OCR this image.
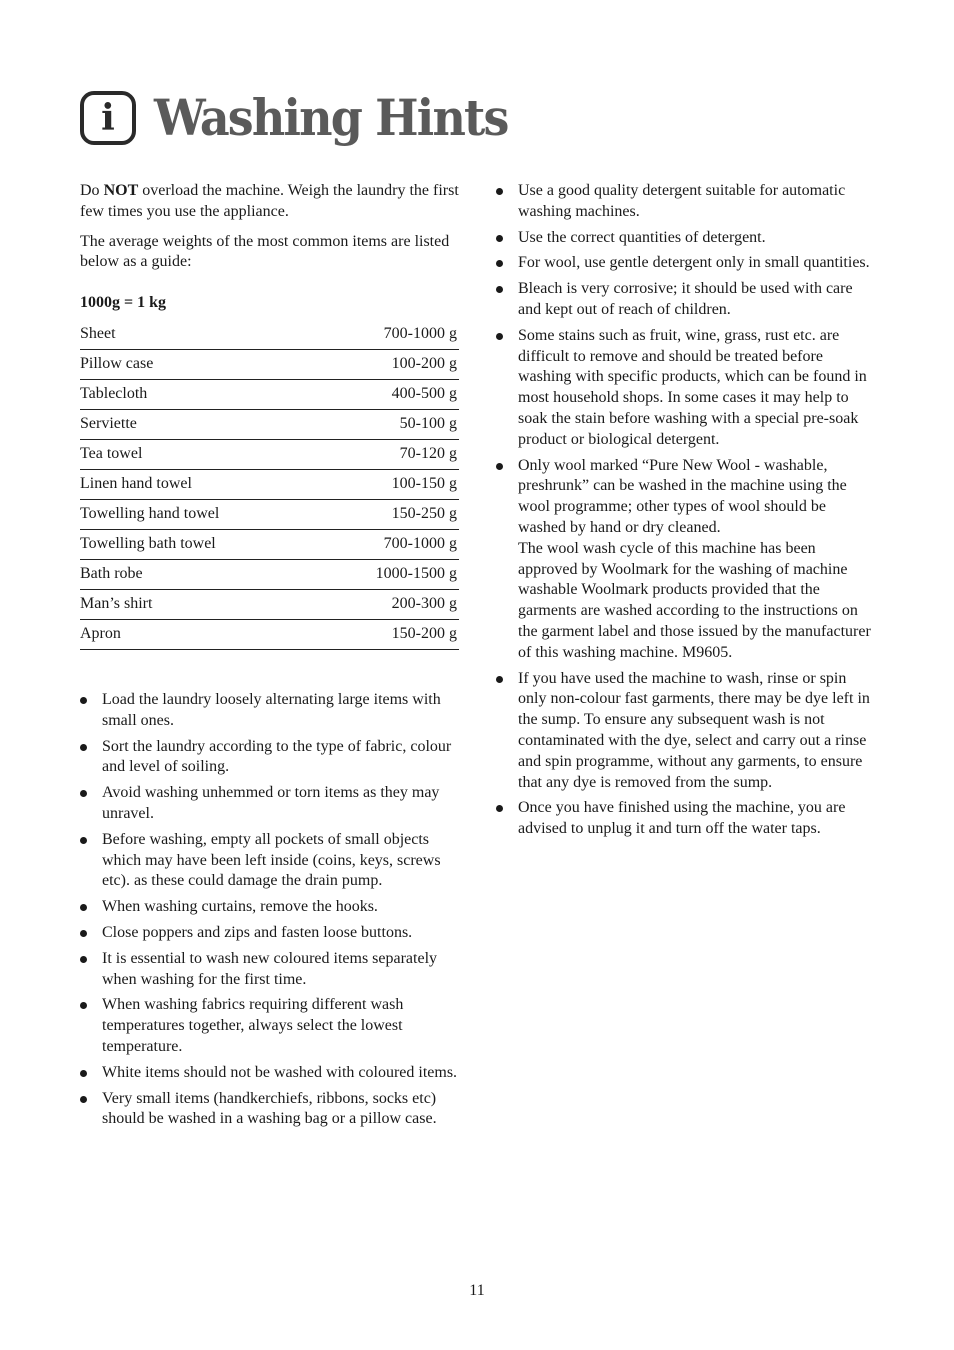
i Washing Hints

Do NOT overload the machine. Weigh the laundry the first few times you use the appliance.

The average weights of the most common items are listed below as a guide:

1000g = 1 kg

Sheet	700-1000 g
Pillow case	100-200 g
Tablecloth	400-500 g
Serviette	50-100 g
Tea towel	70-120 g
Linen hand towel	100-150 g
Towelling hand towel	150-250 g
Towelling bath towel	700-1000 g
Bath robe	1000-1500 g
Man’s shirt	200-300 g
Apron	150-200 g
Load the laundry loosely alternating large items with small ones.
Sort the laundry according to the type of fabric, colour and level of soiling.
Avoid washing unhemmed or torn items as they may unravel.
Before washing, empty all pockets of small objects which may have been left inside (coins, keys, screws etc). as these could damage the drain pump.
When washing curtains, remove the hooks.
Close poppers and zips and fasten loose buttons.
It is essential to wash new coloured items separately when washing for the first time.
When washing fabrics requiring different wash temperatures together, always select the lowest temperature.
White items should not be washed with coloured items.
Very small items (handkerchiefs, ribbons, socks etc) should be washed in a washing bag or a pillow case.
Use a good quality detergent suitable for automatic washing machines.
Use the correct quantities of detergent.
For wool, use gentle detergent only in small quantities.
Bleach is very corrosive; it should be used with care and kept out of reach of children.
Some stains such as fruit, wine, grass, rust etc. are difficult to remove and should be treated before washing with specific products, which can be found in most household shops. In some cases it may help to soak the stain before washing with a special pre-soak product or biological detergent.
Only wool marked “Pure New Wool - washable, preshrunk” can be washed in the machine using the wool programme; other types of wool should be washed by hand or dry cleaned.
The wool wash cycle of this machine has been approved by Woolmark for the washing of machine washable Woolmark products provided that the garments are washed according to the instructions on the garment label and those issued by the manufacturer of this washing machine. M9605.
If you have used the machine to wash, rinse or spin only non-colour fast garments, there may be dye left in the sump. To ensure any subsequent wash is not contaminated with the dye, select and carry out a rinse and spin programme, without any garments, to ensure that any dye is removed from the sump.
Once you have finished using the machine, you are advised to unplug it and turn off the water taps.
11
